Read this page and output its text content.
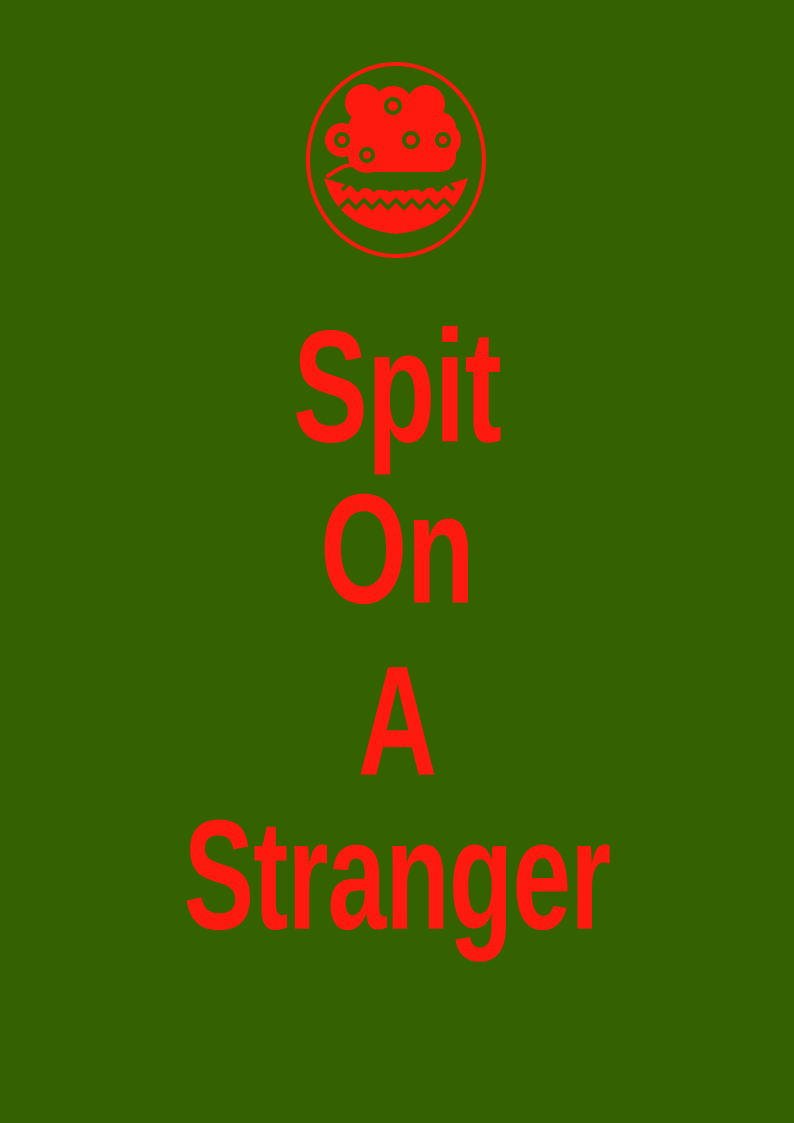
Spit
On
A
Stranger
